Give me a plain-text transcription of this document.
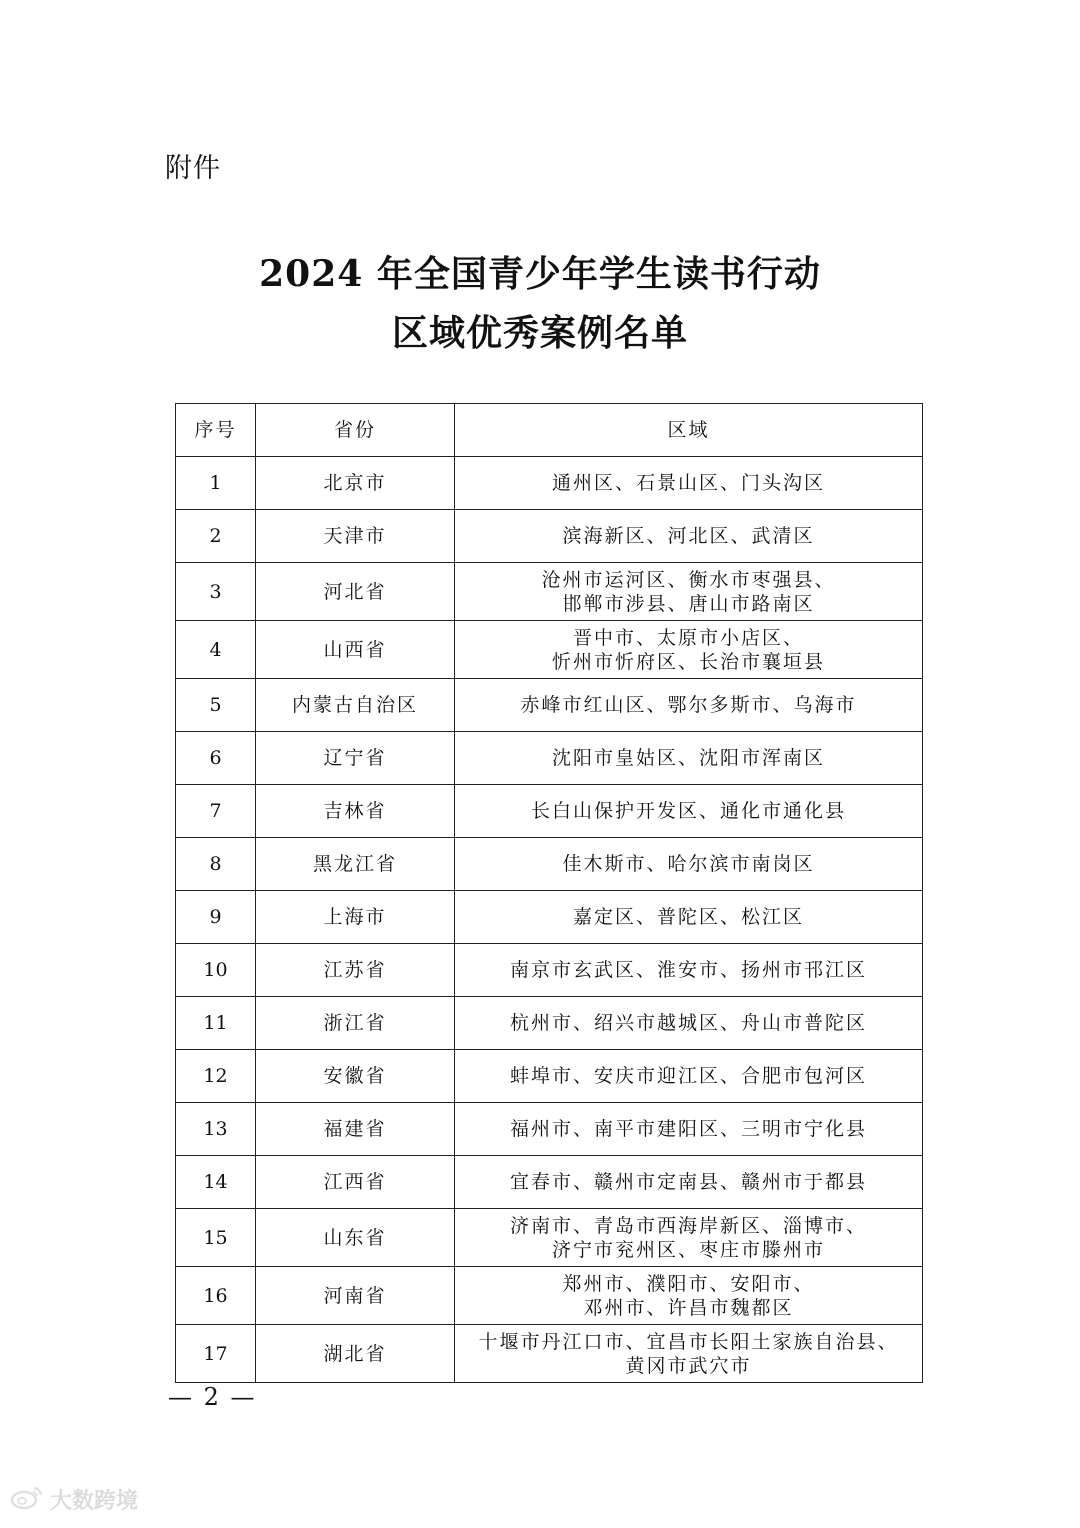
附件
2024 年全国青少年学生读书行动
区域优秀案例名单
序号	省份	区域
1	北京市	通州区、石景山区、门头沟区

2	天津市	滨海新区、河北区、武清区

3	河北省	沧州市运河区、衡水市枣强县、
邯郸市涉县、唐山市路南区

4	山西省	晋中市、太原市小店区、
忻州市忻府区、长治市襄垣县

5	内蒙古自治区	赤峰市红山区、鄂尔多斯市、乌海市

6	辽宁省	沈阳市皇姑区、沈阳市浑南区

7	吉林省	长白山保护开发区、通化市通化县

8	黑龙江省	佳木斯市、哈尔滨市南岗区

9	上海市	嘉定区、普陀区、松江区

10	江苏省	南京市玄武区、淮安市、扬州市邗江区

11	浙江省	杭州市、绍兴市越城区、舟山市普陀区

12	安徽省	蚌埠市、安庆市迎江区、合肥市包河区

13	福建省	福州市、南平市建阳区、三明市宁化县

14	江西省	宜春市、赣州市定南县、赣州市于都县

15	山东省	济南市、青岛市西海岸新区、淄博市、
济宁市兖州区、枣庄市滕州市

16	河南省	郑州市、濮阳市、安阳市、
邓州市、许昌市魏都区

17	湖北省	十堰市丹江口市、宜昌市长阳土家族自治县、
黄冈市武穴市
— 2 —
大数跨境
